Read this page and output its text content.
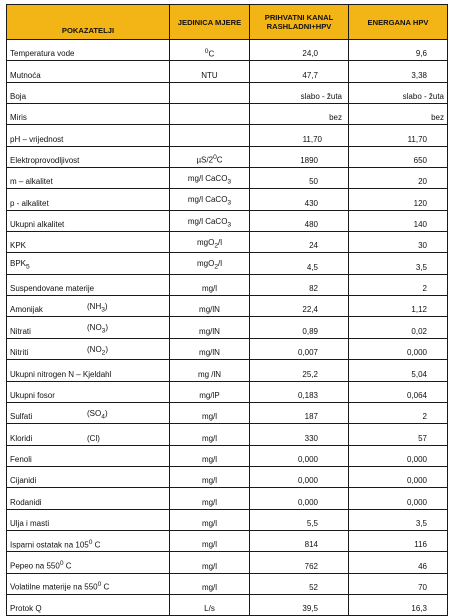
POKAZATELJI	JEDINICA MJERE	PRIHVATNI KANAL RASHLADNI+HPV	ENERGANA HPV
Temperatura vode	$^0$C	24,0	9,6
Mutnoća	NTU	47,7	3,38
Boja		slabo - žuta	slabo - žuta
Miris		bez	bez
pH – vrijednost		11,70	11,70
Elektroprovodljivost	$\mu S/2^0C$	1890	650
m – alkalitet	mg/l CaCO$_3$	50	20
p - alkalitet	mg/l CaCO$_3$	430	120
Ukupni alkalitet	mg/l CaCO$_3$	480	140
KPK	mgO$_2$/l	24	30
$BPK_5$	mgO$_2$/l	4,5	3,5
Suspendovane materije	mg/l	82	2
Amonijak $(NH_3)$	mg/lN	22,4	1,12
Nitrati $(NO_3)$	mg/lN	0,89	0,02
Nitriti $(NO_2)$	mg/lN	0,007	0,000
Ukupni nitrogen N – Kjeldahl	mg /lN	25,2	5,04
Ukupni fosor	mg/lP	0,183	0,064
Sulfati $(SO_4)$	mg/l	187	2
Kloridi (Cl)	mg/l	330	57
Fenoli	mg/l	0,000	0,000
Cijanidi	mg/l	0,000	0,000
Rodanidi	mg/l	0,000	0,000
Ulja i masti	mg/l	5,5	3,5
Isparni ostatak na $105^0$ C	mg/l	814	116
Pepeo na $550^0$ C	mg/l	762	46
Volatilne materije na $550^0$ C	mg/l	52	70
Protok Q	L/s	39,5	16,3
